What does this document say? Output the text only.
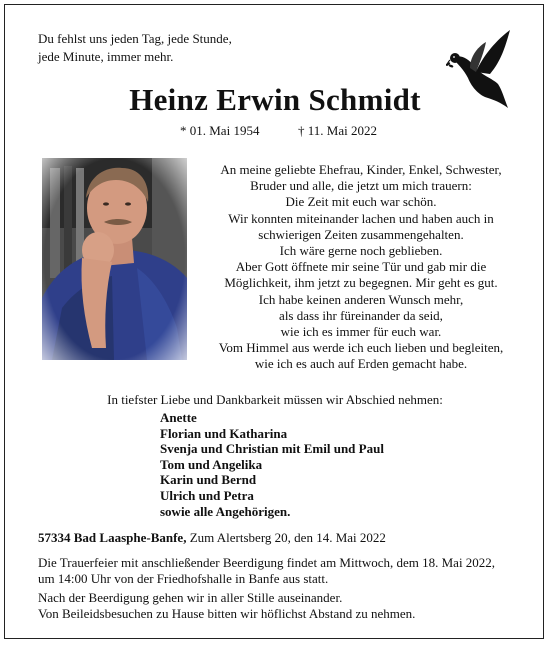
Du fehlst uns jeden Tag, jede Stunde,
jede Minute, immer mehr.
Heinz Erwin Schmidt
* 01. Mai 1954	† 11. Mai 2022
An meine geliebte Ehefrau, Kinder, Enkel, Schwester,
Bruder und alle, die jetzt um mich trauern:
Die Zeit mit euch war schön.
Wir konnten miteinander lachen und haben auch in
schwierigen Zeiten zusammengehalten.
Ich wäre gerne noch geblieben.
Aber Gott öffnete mir seine Tür und gab mir die
Möglichkeit, ihm jetzt zu begegnen. Mir geht es gut.
Ich habe keinen anderen Wunsch mehr,
als dass ihr füreinander da seid,
wie ich es immer für euch war.
Vom Himmel aus werde ich euch lieben und begleiten,
wie ich es auch auf Erden gemacht habe.
In tiefster Liebe und Dankbarkeit müssen wir Abschied nehmen:
Anette
Florian und Katharina
Svenja und Christian mit Emil und Paul
Tom und Angelika
Karin und Bernd
Ulrich und Petra
sowie alle Angehörigen.
57334 Bad Laasphe-Banfe, Zum Alertsberg 20, den 14. Mai 2022
Die Trauerfeier mit anschließender Beerdigung findet am Mittwoch, dem 18. Mai 2022,
um 14:00 Uhr von der Friedhofshalle in Banfe aus statt.
Nach der Beerdigung gehen wir in aller Stille auseinander.
Von Beileidsbesuchen zu Hause bitten wir höflichst Abstand zu nehmen.
